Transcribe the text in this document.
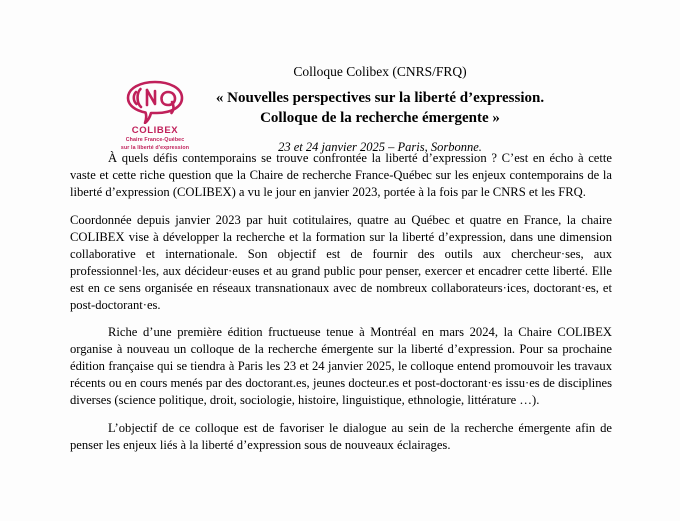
COLIBEX
Chaire France-Québec
sur la liberté d'expression

Colloque Colibex (CNRS/FRQ)

« Nouvelles perspectives sur la liberté d’expression.
Colloque de la recherche émergente »

23 et 24 janvier 2025 – Paris, Sorbonne.

À quels défis contemporains se trouve confrontée la liberté d’expression ? C’est en écho à cette vaste et cette riche question que la Chaire de recherche France-Québec sur les enjeux contemporains de la liberté d’expression (COLIBEX) a vu le jour en janvier 2023, portée à la fois par le CNRS et les FRQ.

Coordonnée depuis janvier 2023 par huit cotitulaires, quatre au Québec et quatre en France, la chaire COLIBEX vise à développer la recherche et la formation sur la liberté d’expression, dans une dimension collaborative et internationale. Son objectif est de fournir des outils aux chercheur·ses, aux professionnel·les, aux décideur·euses et au grand public pour penser, exercer et encadrer cette liberté. Elle est en ce sens organisée en réseaux transnationaux avec de nombreux collaborateurs·ices, doctorant·es, et post-doctorant·es.

Riche d’une première édition fructueuse tenue à Montréal en mars 2024, la Chaire COLIBEX organise à nouveau un colloque de la recherche émergente sur la liberté d’expression. Pour sa prochaine édition française qui se tiendra à Paris les 23 et 24 janvier 2025, le colloque entend promouvoir les travaux récents ou en cours menés par des doctorant.es, jeunes docteur.es et post-doctorant·es issu·es de disciplines diverses (science politique, droit, sociologie, histoire, linguistique, ethnologie, littérature …).

L’objectif de ce colloque est de favoriser le dialogue au sein de la recherche émergente afin de penser les enjeux liés à la liberté d’expression sous de nouveaux éclairages.
